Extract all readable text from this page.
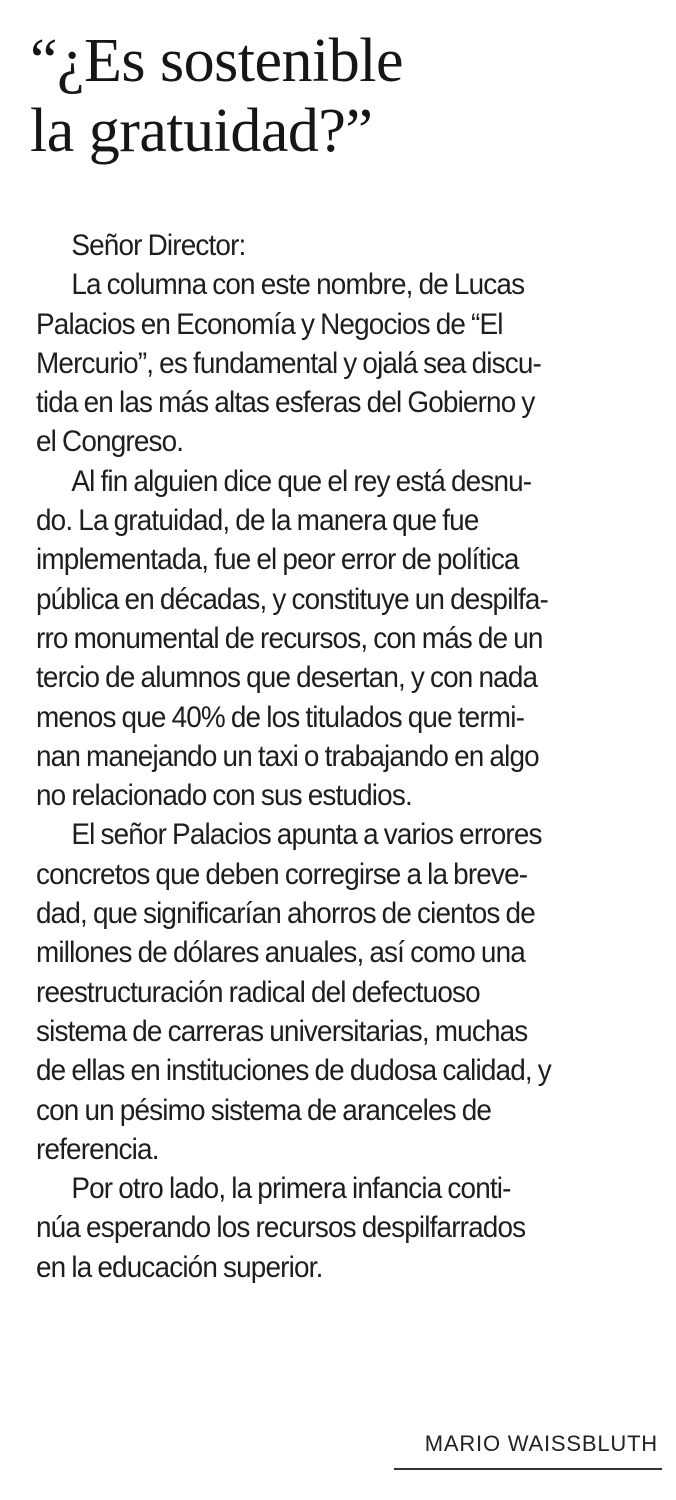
“¿Es sostenible
la gratuidad?”
Señor Director:
La columna con este nombre, de Lucas
Palacios en Economía y Negocios de “El
Mercurio”, es fundamental y ojalá sea discu-
tida en las más altas esferas del Gobierno y
el Congreso.
Al fin alguien dice que el rey está desnu-
do. La gratuidad, de la manera que fue
implementada, fue el peor error de política
pública en décadas, y constituye un despilfa-
rro monumental de recursos, con más de un
tercio de alumnos que desertan, y con nada
menos que 40% de los titulados que termi-
nan manejando un taxi o trabajando en algo
no relacionado con sus estudios.
El señor Palacios apunta a varios errores
concretos que deben corregirse a la breve-
dad, que significarían ahorros de cientos de
millones de dólares anuales, así como una
reestructuración radical del defectuoso
sistema de carreras universitarias, muchas
de ellas en instituciones de dudosa calidad, y
con un pésimo sistema de aranceles de
referencia.
Por otro lado, la primera infancia conti-
núa esperando los recursos despilfarrados
en la educación superior.
MARIO WAISSBLUTH
